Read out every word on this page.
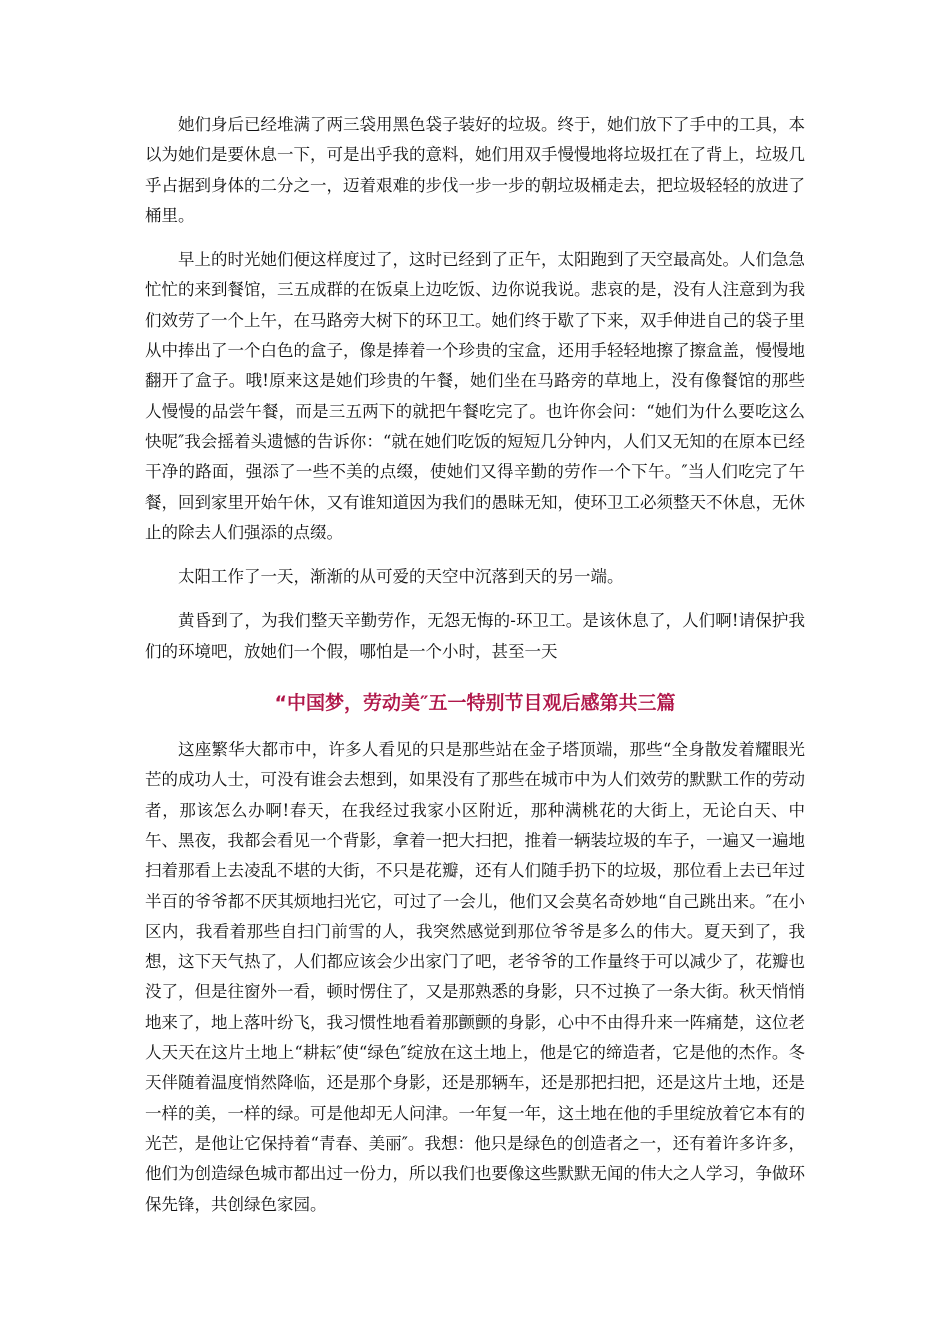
她们身后已经堆满了两三袋用黑色袋子装好的垃圾。终于，她们放下了手中的工具，本以为她们是要休息一下，可是出乎我的意料，她们用双手慢慢地将垃圾扛在了背上，垃圾几乎占据到身体的二分之一，迈着艰难的步伐一步一步的朝垃圾桶走去，把垃圾轻轻的放进了桶里。

早上的时光她们便这样度过了，这时已经到了正午，太阳跑到了天空最高处。人们急急忙忙的来到餐馆，三五成群的在饭桌上边吃饭、边你说我说。悲哀的是，没有人注意到为我们效劳了一个上午，在马路旁大树下的环卫工。她们终于歇了下来，双手伸进自己的袋子里从中捧出了一个白色的盒子，像是捧着一个珍贵的宝盒，还用手轻轻地擦了擦盒盖，慢慢地翻开了盒子。哦!原来这是她们珍贵的午餐，她们坐在马路旁的草地上，没有像餐馆的那些人慢慢的品尝午餐，而是三五两下的就把午餐吃完了。也许你会问：“她们为什么要吃这么快呢″我会摇着头遗憾的告诉你：“就在她们吃饭的短短几分钟内，人们又无知的在原本已经干净的路面，强添了一些不美的点缀，使她们又得辛勤的劳作一个下午。″当人们吃完了午餐，回到家里开始午休，又有谁知道因为我们的愚昧无知，使环卫工必须整天不休息，无休止的除去人们强添的点缀。

太阳工作了一天，渐渐的从可爱的天空中沉落到天的另一端。

黄昏到了，为我们整天辛勤劳作，无怨无悔的-环卫工。是该休息了，人们啊!请保护我们的环境吧，放她们一个假，哪怕是一个小时，甚至一天

“中国梦，劳动美″五一特别节目观后感第共三篇

这座繁华大都市中，许多人看见的只是那些站在金子塔顶端，那些“全身散发着耀眼光芒的成功人士，可没有谁会去想到，如果没有了那些在城市中为人们效劳的默默工作的劳动者，那该怎么办啊!春天，在我经过我家小区附近，那种满桃花的大街上，无论白天、中午、黑夜，我都会看见一个背影，拿着一把大扫把，推着一辆装垃圾的车子，一遍又一遍地扫着那看上去凌乱不堪的大街，不只是花瓣，还有人们随手扔下的垃圾，那位看上去已年过半百的爷爷都不厌其烦地扫光它，可过了一会儿，他们又会莫名奇妙地“自己跳出来。″在小区内，我看着那些自扫门前雪的人，我突然感觉到那位爷爷是多么的伟大。夏天到了，我想，这下天气热了，人们都应该会少出家门了吧，老爷爷的工作量终于可以减少了，花瓣也没了，但是往窗外一看，顿时愣住了，又是那熟悉的身影，只不过换了一条大街。秋天悄悄地来了，地上落叶纷飞，我习惯性地看着那颤颤的身影，心中不由得升来一阵痛楚，这位老人天天在这片土地上“耕耘″使“绿色″绽放在这土地上，他是它的缔造者，它是他的杰作。冬天伴随着温度悄然降临，还是那个身影，还是那辆车，还是那把扫把，还是这片土地，还是一样的美，一样的绿。可是他却无人问津。一年复一年，这土地在他的手里绽放着它本有的光芒，是他让它保持着“青春、美丽″。我想：他只是绿色的创造者之一，还有着许多许多，他们为创造绿色城市都出过一份力，所以我们也要像这些默默无闻的伟大之人学习，争做环保先锋，共创绿色家园。
